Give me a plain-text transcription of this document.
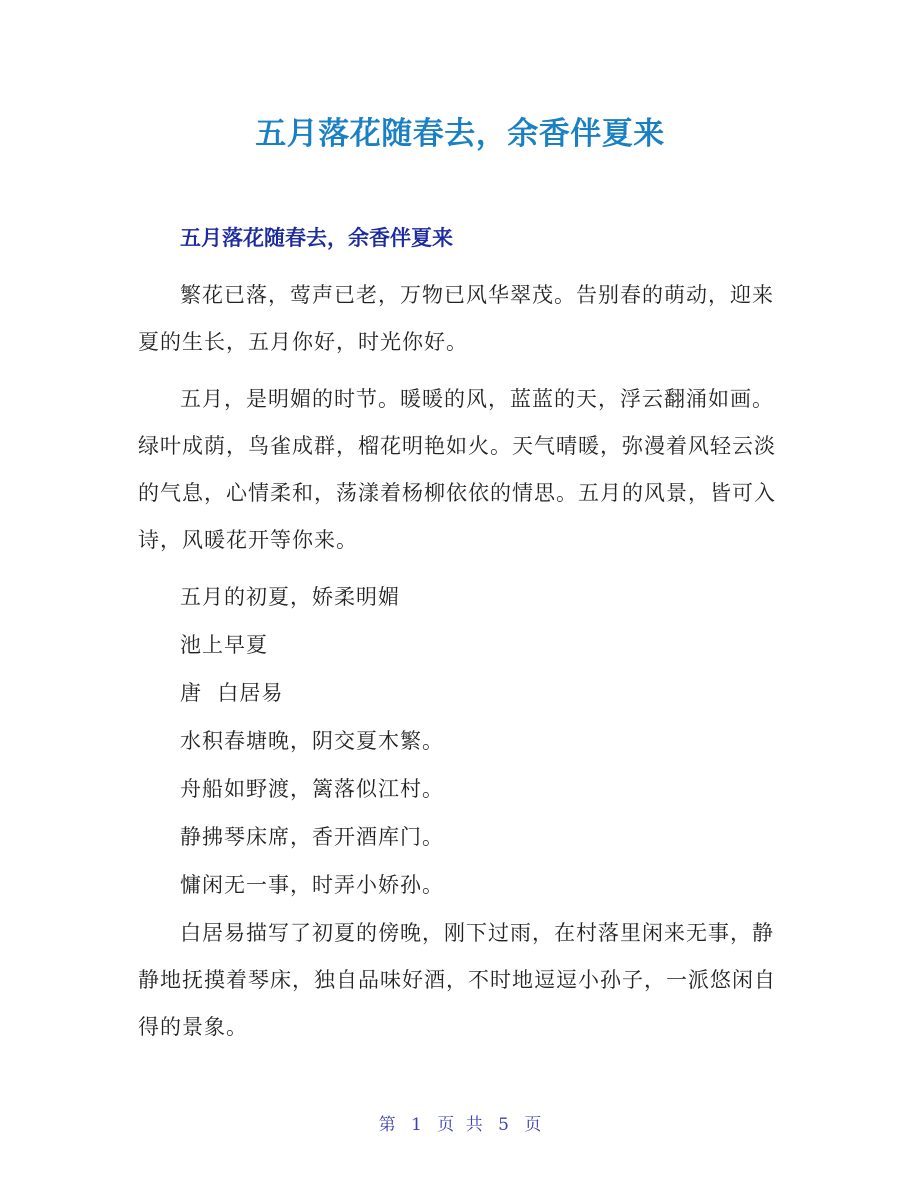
五月落花随春去，余香伴夏来
五月落花随春去，余香伴夏来

繁花已落，莺声已老，万物已风华翠茂。告别春的萌动，迎来夏的生长，五月你好，时光你好。

五月，是明媚的时节。暖暖的风，蓝蓝的天，浮云翻涌如画。绿叶成荫，鸟雀成群，榴花明艳如火。天气晴暖，弥漫着风轻云淡的气息，心情柔和，荡漾着杨柳依依的情思。五月的风景，皆可入诗，风暖花开等你来。

五月的初夏，娇柔明媚

池上早夏

唐  白居易

水积春塘晚，阴交夏木繁。

舟船如野渡，篱落似江村。

静拂琴床席，香开酒库门。

慵闲无一事，时弄小娇孙。

白居易描写了初夏的傍晚，刚下过雨，在村落里闲来无事，静静地抚摸着琴床，独自品味好酒，不时地逗逗小孙子，一派悠闲自得的景象。

第 1 页 共 5 页
